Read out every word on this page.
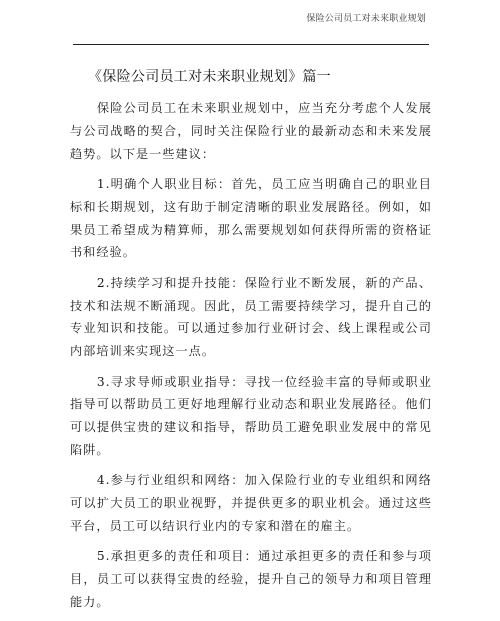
保险公司员工对未来职业规划
《保险公司员工对未来职业规划》篇一

保险公司员工在未来职业规划中，应当充分考虑个人发展与公司战略的契合，同时关注保险行业的最新动态和未来发展趋势。以下是一些建议：

1.明确个人职业目标：首先，员工应当明确自己的职业目标和长期规划，这有助于制定清晰的职业发展路径。例如，如果员工希望成为精算师，那么需要规划如何获得所需的资格证书和经验。

2.持续学习和提升技能：保险行业不断发展，新的产品、技术和法规不断涌现。因此，员工需要持续学习，提升自己的专业知识和技能。可以通过参加行业研讨会、线上课程或公司内部培训来实现这一点。

3.寻求导师或职业指导：寻找一位经验丰富的导师或职业指导可以帮助员工更好地理解行业动态和职业发展路径。他们可以提供宝贵的建议和指导，帮助员工避免职业发展中的常见陷阱。

4.参与行业组织和网络：加入保险行业的专业组织和网络可以扩大员工的职业视野，并提供更多的职业机会。通过这些平台，员工可以结识行业内的专家和潜在的雇主。

5.承担更多的责任和项目：通过承担更多的责任和参与项目，员工可以获得宝贵的经验，提升自己的领导力和项目管理能力。
